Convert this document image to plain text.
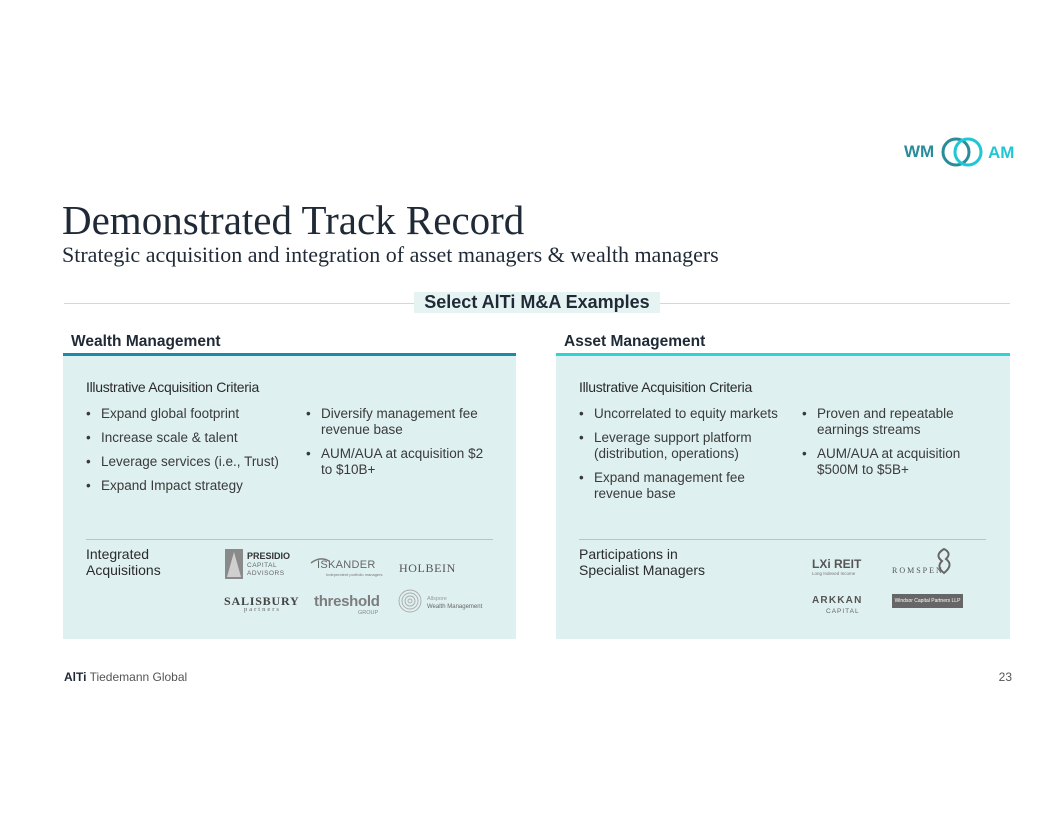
WM	AM
Demonstrated Track Record
Strategic acquisition and integration of asset managers & wealth managers
Select AlTi M&A Examples
Wealth Management
Illustrative Acquisition Criteria
• Expand global footprint
• Increase scale & talent
• Leverage services (i.e., Trust)
• Expand Impact strategy
• Diversify management fee revenue base
• AUM/AUA at acquisition $2 to $10B+
Integrated Acquisitions
PRESIDIO
CAPITAL
ADVISORS
ISKANDER
Independent portfolio managers HOLBEIN
SALISBURY
partners threshold
GROUP
Allspore
Wealth Management
Asset Management
Illustrative Acquisition Criteria
• Uncorrelated to equity markets
• Leverage support platform (distribution, operations)
• Expand management fee revenue base
• Proven and repeatable earnings streams
• AUM/AUA at acquisition $500M to $5B+
Participations in Specialist Managers	LXi REIT
Long Indexed Income	ROMSPEN
ARKKAN
CAPITAL
Windsor Capital Partners LLP
AlTi Tiedemann Global	23
